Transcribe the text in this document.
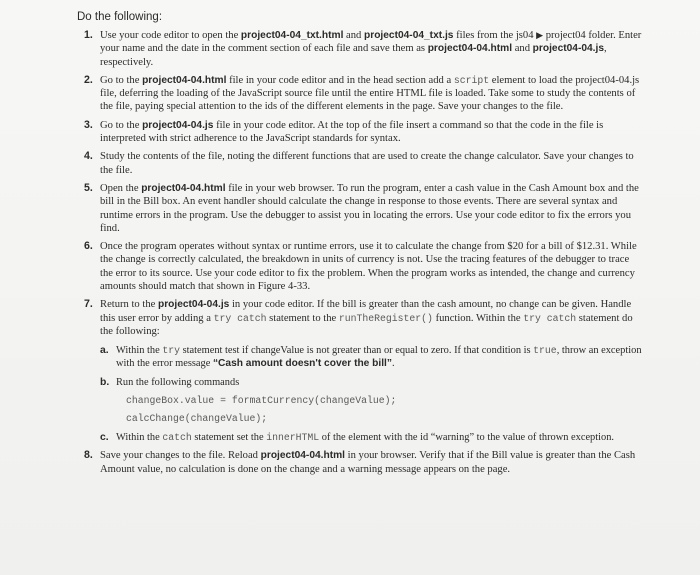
Do the following:
1. Use your code editor to open the project04-04_txt.html and project04-04_txt.js files from the js04 ▶ project04 folder. Enter your name and the date in the comment section of each file and save them as project04-04.html and project04-04.js, respectively.
2. Go to the project04-04.html file in your code editor and in the head section add a script element to load the project04-04.js file, deferring the loading of the JavaScript source file until the entire HTML file is loaded. Take some to study the contents of the file, paying special attention to the ids of the different elements in the page. Save your changes to the file.
3. Go to the project04-04.js file in your code editor. At the top of the file insert a command so that the code in the file is interpreted with strict adherence to the JavaScript standards for syntax.
4. Study the contents of the file, noting the different functions that are used to create the change calculator. Save your changes to the file.
5. Open the project04-04.html file in your web browser. To run the program, enter a cash value in the Cash Amount box and the bill in the Bill box. An event handler should calculate the change in response to those events. There are several syntax and runtime errors in the program. Use the debugger to assist you in locating the errors. Use your code editor to fix the errors you find.
6. Once the program operates without syntax or runtime errors, use it to calculate the change from $20 for a bill of $12.31. While the change is correctly calculated, the breakdown in units of currency is not. Use the tracing features of the debugger to trace the error to its source. Use your code editor to fix the problem. When the program works as intended, the change and currency amounts should match that shown in Figure 4-33.
7. Return to the project04-04.js in your code editor. If the bill is greater than the cash amount, no change can be given. Handle this user error by adding a try catch statement to the runTheRegister() function. Within the try catch statement do the following:
a. Within the try statement test if changeValue is not greater than or equal to zero. If that condition is true, throw an exception with the error message “Cash amount doesn't cover the bill”.
b. Run the following commands
changeBox.value = formatCurrency(changeValue);
calcChange(changeValue);
c. Within the catch statement set the innerHTML of the element with the id “warning” to the value of thrown exception.
8. Save your changes to the file. Reload project04-04.html in your browser. Verify that if the Bill value is greater than the Cash Amount value, no calculation is done on the change and a warning message appears on the page.
